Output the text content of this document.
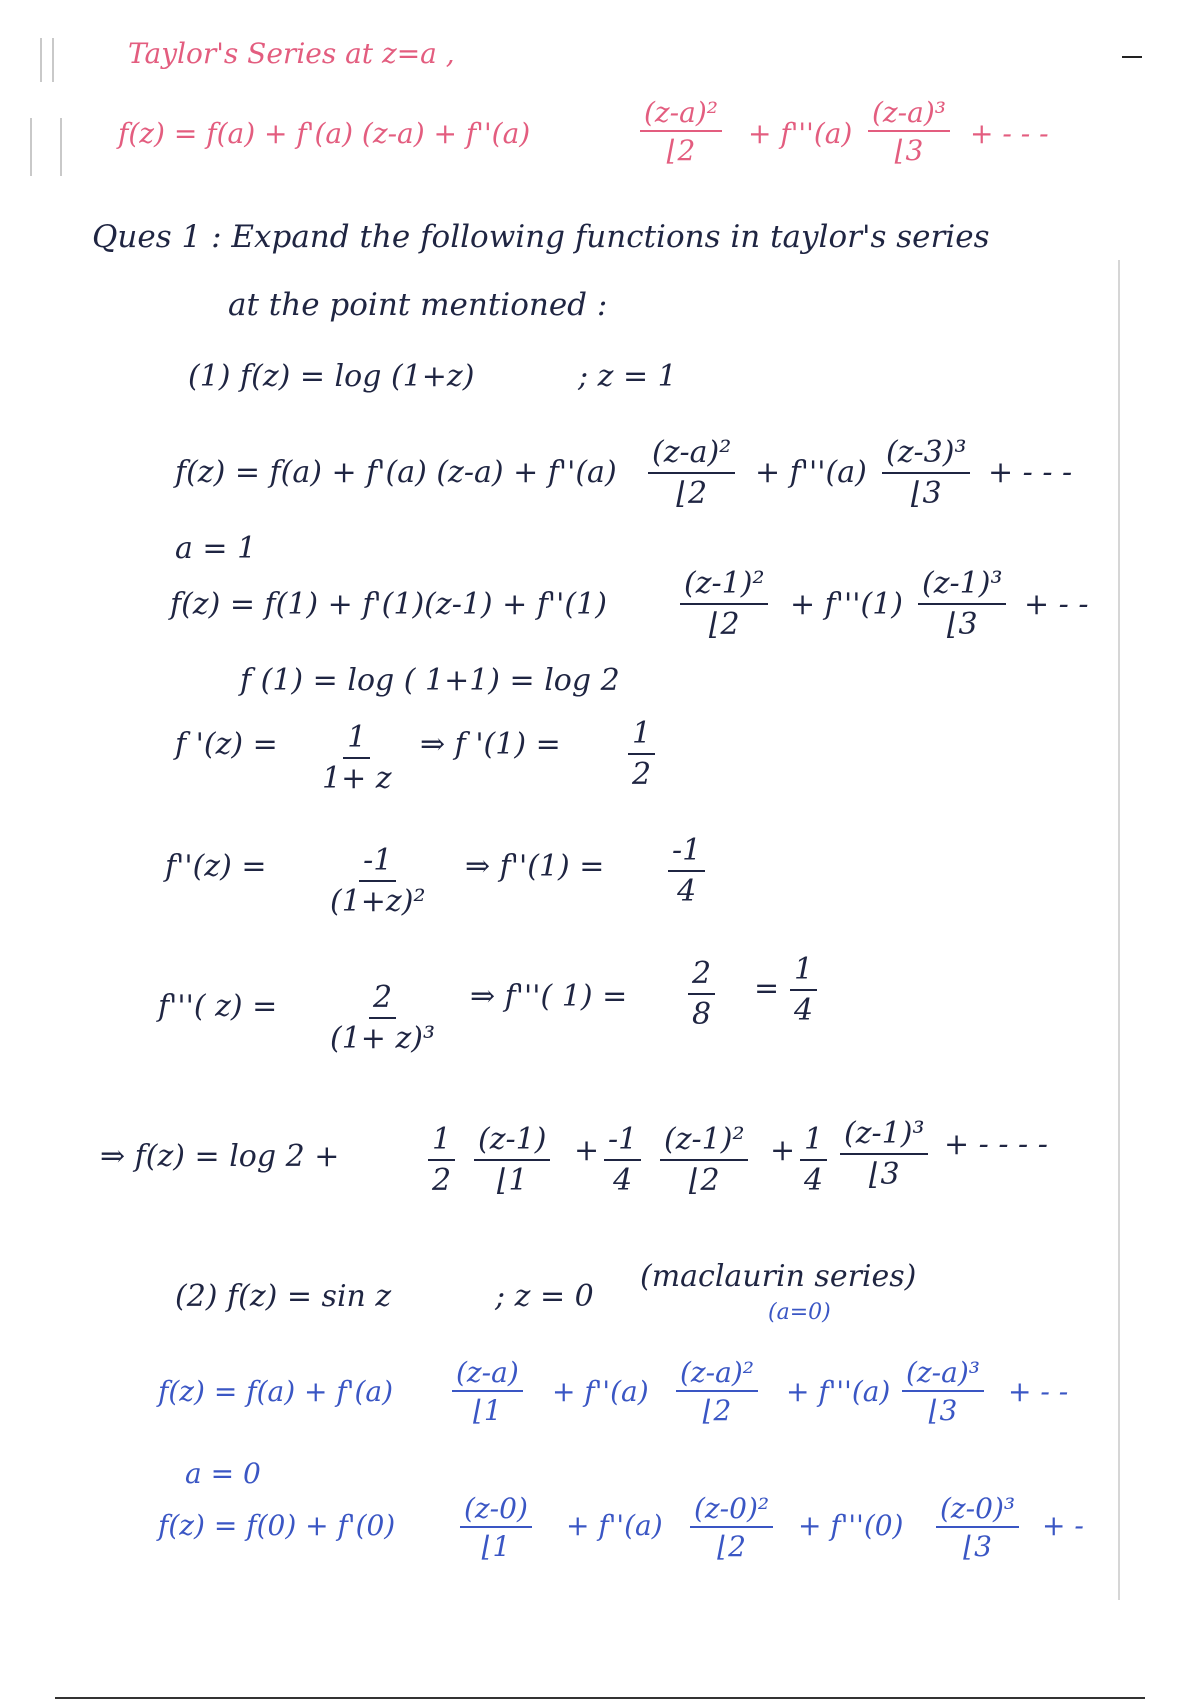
Taylor's Series at z=a ,
f(z) = f(a) + f'(a) (z-a) + f''(a)	$\frac{\text{(z-a)²}}{⌊2} + f'''(a) \frac{\text{(z-a)³}}{⌊3}$ + - - -
Ques 1 : Expand the following functions in taylor's series
at the point mentioned :
(1) f(z) = log (1+z)	; z = 1
f(z) = f(a) + f'(a) $(z-a) + f''(a) \frac{\text{(z-a)²}}{⌊2} + f'''(a) \frac{\text{(z-3)³}}{⌊3}$ + - - -
a = 1
$f(z) = f(1) + f'(1)(z-1) + f''(1) \frac{\text{(z-1)²}}{⌊2} + f'''(1) \frac{\text{(z-1)³}}{⌊3}$ + - -
f (1) = log ( 1+1) = log 2
f '$(z) = \frac{1}{1+ z}$ ⇒ f '$(1) = \frac{1}{2}$
$f''(z) = \frac{-1}{\text{(1+z)²}}$ ⇒ $f''(1) = \frac{-1}{4}$
f'''( $z) = \frac{2}{\text{(1+ z)³}}$ ⇒ f'''( $1) = \frac{2}{8} = \frac{1}{4}$
⇒ f(z) = log 2 +	$\frac{1}{2} \frac{(z-1)}{⌊1} + \frac{-1}{4} \frac{\text{(z-1)²}}{⌊2} + \frac{1}{4} \frac{\text{(z-1)³}}{⌊3}$ + - - - -
(2) f(z) = sin z	; z = 0
(maclaurin series)
(a=0)
$f(z) = f(a) + f'(a) \frac{(z-a)}{⌊1} + f''(a) \frac{\text{(z-a)²}}{⌊2} + f'''(a) \frac{\text{(z-a)³}}{⌊3}$ + - -
a = 0
$f(z) = f(0) + f'(0) \frac{(z-0)}{⌊1} + f''(a) \frac{\text{(z-0)²}}{⌊2} + f'''(0) \frac{\text{(z-0)³}}{⌊3}$ + -
